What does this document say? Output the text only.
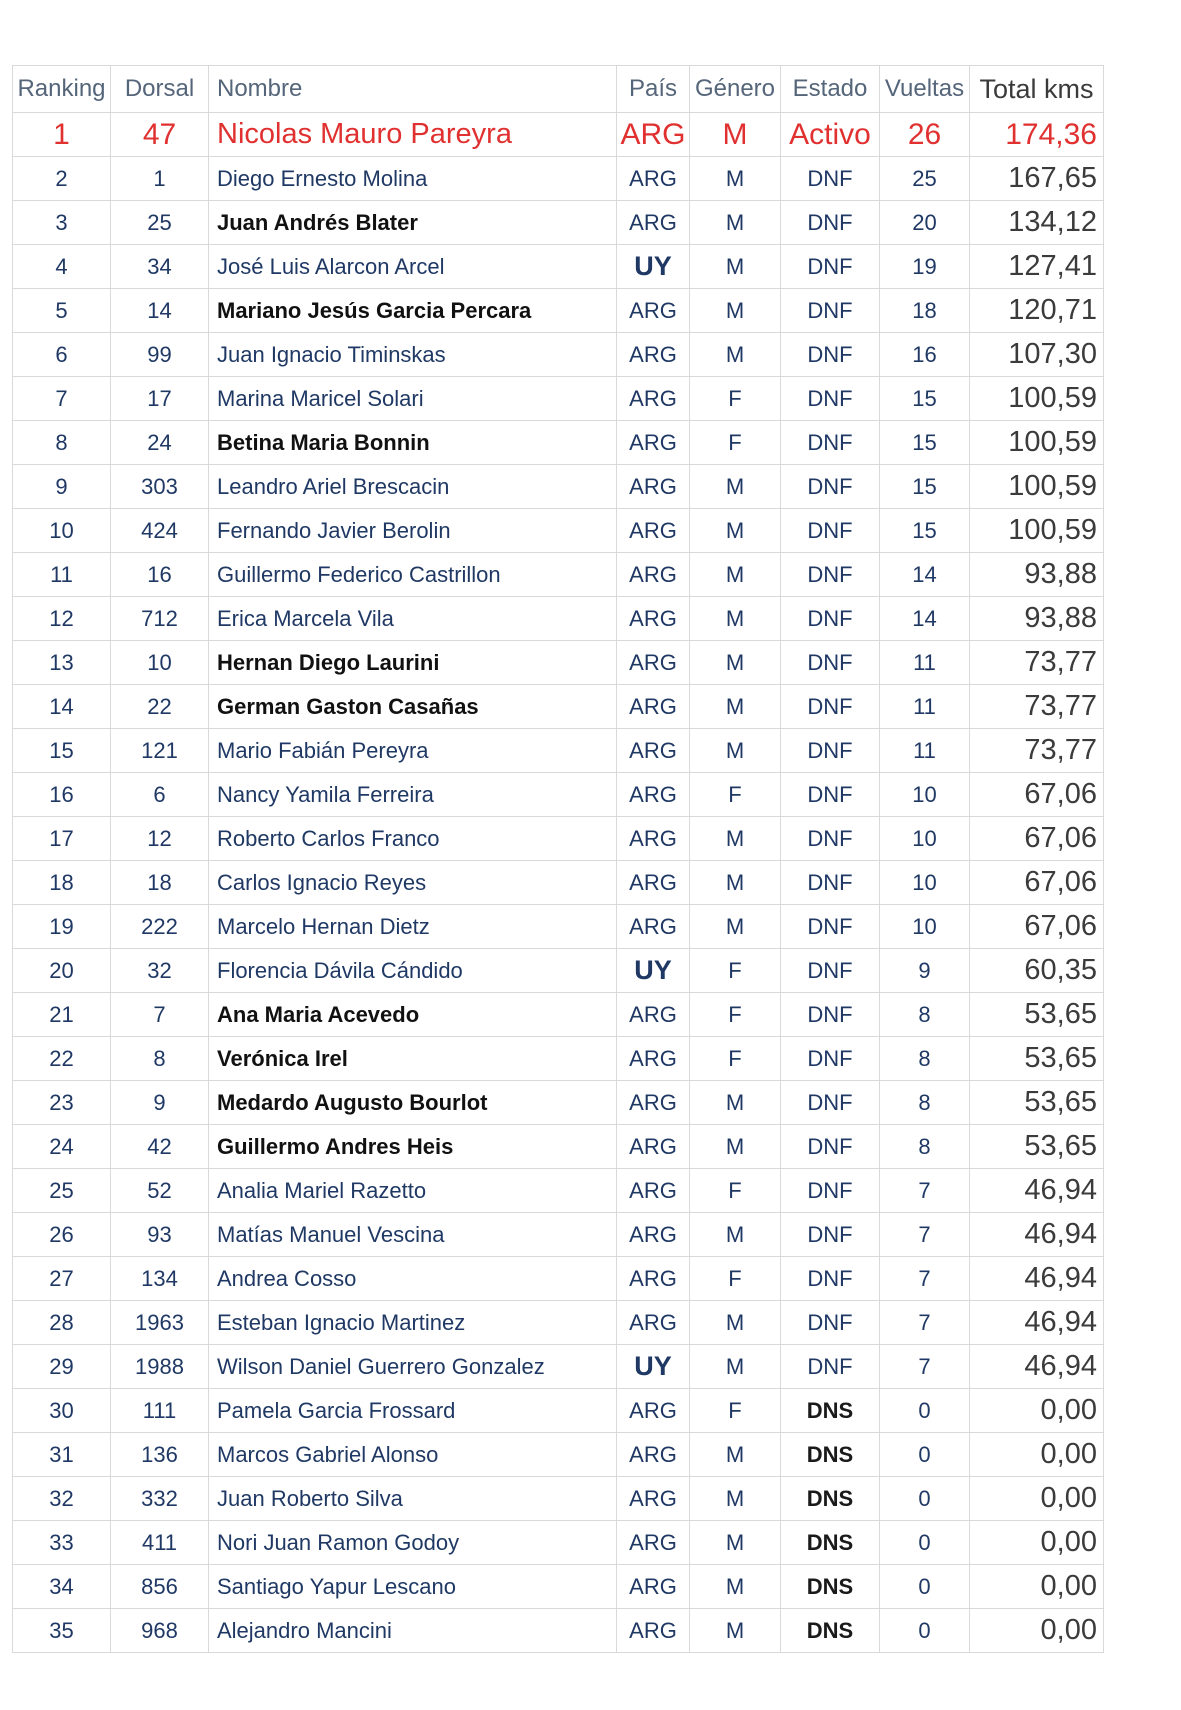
Ranking	Dorsal	Nombre	País	Género	Estado	Vueltas	Total kms
1	47	Nicolas Mauro Pareyra	ARG	M	Activo	26	174,36
2	1	Diego Ernesto Molina	ARG	M	DNF	25	167,65
3	25	Juan Andrés Blater	ARG	M	DNF	20	134,12
4	34	José Luis Alarcon Arcel	UY	M	DNF	19	127,41
5	14	Mariano Jesús Garcia Percara	ARG	M	DNF	18	120,71
6	99	Juan Ignacio Timinskas	ARG	M	DNF	16	107,30
7	17	Marina Maricel Solari	ARG	F	DNF	15	100,59
8	24	Betina Maria Bonnin	ARG	F	DNF	15	100,59
9	303	Leandro Ariel Brescacin	ARG	M	DNF	15	100,59
10	424	Fernando Javier Berolin	ARG	M	DNF	15	100,59
11	16	Guillermo Federico Castrillon	ARG	M	DNF	14	93,88
12	712	Erica Marcela Vila	ARG	M	DNF	14	93,88
13	10	Hernan Diego Laurini	ARG	M	DNF	11	73,77
14	22	German Gaston Casañas	ARG	M	DNF	11	73,77
15	121	Mario Fabián Pereyra	ARG	M	DNF	11	73,77
16	6	Nancy Yamila Ferreira	ARG	F	DNF	10	67,06
17	12	Roberto Carlos Franco	ARG	M	DNF	10	67,06
18	18	Carlos Ignacio Reyes	ARG	M	DNF	10	67,06
19	222	Marcelo Hernan Dietz	ARG	M	DNF	10	67,06
20	32	Florencia Dávila Cándido	UY	F	DNF	9	60,35
21	7	Ana Maria Acevedo	ARG	F	DNF	8	53,65
22	8	Verónica Irel	ARG	F	DNF	8	53,65
23	9	Medardo Augusto Bourlot	ARG	M	DNF	8	53,65
24	42	Guillermo Andres Heis	ARG	M	DNF	8	53,65
25	52	Analia Mariel Razetto	ARG	F	DNF	7	46,94
26	93	Matías Manuel Vescina	ARG	M	DNF	7	46,94
27	134	Andrea Cosso	ARG	F	DNF	7	46,94
28	1963	Esteban Ignacio Martinez	ARG	M	DNF	7	46,94
29	1988	Wilson Daniel Guerrero Gonzalez	UY	M	DNF	7	46,94
30	111	Pamela Garcia Frossard	ARG	F	DNS	0	0,00
31	136	Marcos Gabriel Alonso	ARG	M	DNS	0	0,00
32	332	Juan Roberto Silva	ARG	M	DNS	0	0,00
33	411	Nori Juan Ramon Godoy	ARG	M	DNS	0	0,00
34	856	Santiago Yapur Lescano	ARG	M	DNS	0	0,00
35	968	Alejandro Mancini	ARG	M	DNS	0	0,00
